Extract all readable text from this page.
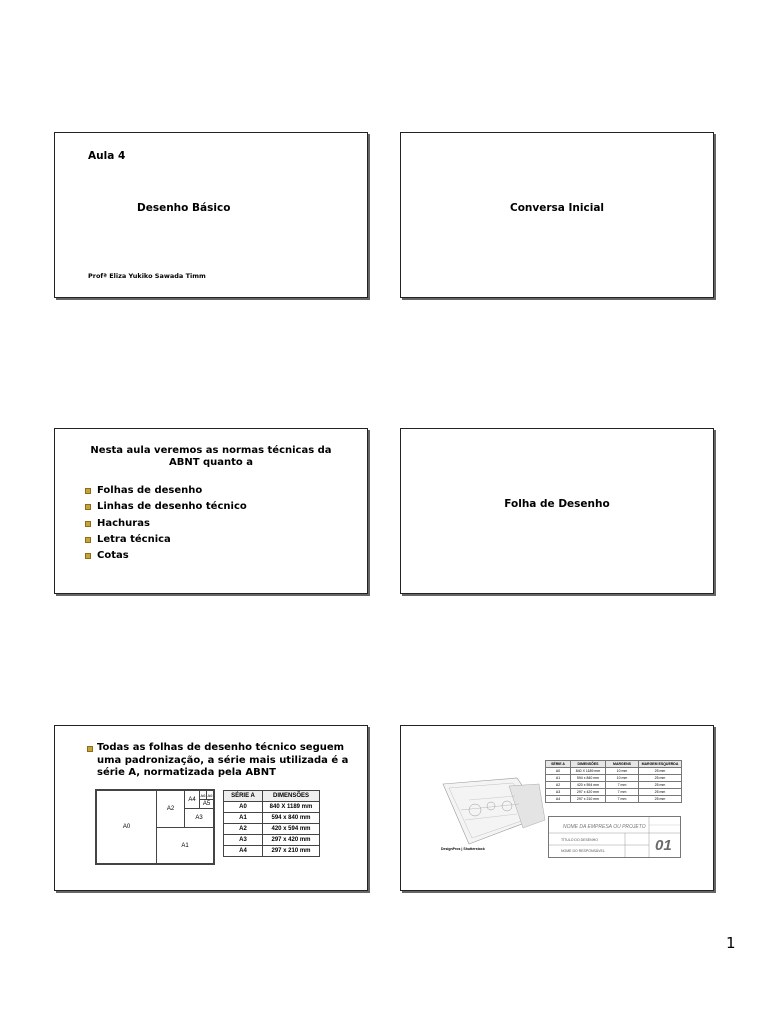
Aula 4
Desenho Básico
Profª Eliza Yukiko Sawada Timm
Conversa Inicial
Nesta aula veremos as normas técnicas da ABNT quanto a
Folhas de desenho
Linhas de desenho técnico
Hachuras
Letra técnica
Cotas
Folha de Desenho
Todas as folhas de desenho técnico seguem uma padronização, a série mais utilizada é a série A, normatizada pela ABNT
A0
A1
A2
A3
A4
A5
A6 A6	SÉRIE A	DIMENSÕES
A0	840 X 1189 mm
A1	594 x 840 mm
A2	420 x 594 mm
A3	297 x 420 mm
A4	297 x 210 mm
SÉRIE A	DIMENSÕES	MARGENS	MARGEM ESQUERDA
A0	840 X 1189 mm	10 mm	25 mm
A1	594 x 840 mm	10 mm	25 mm
A2	420 x 594 mm	7 mm	25 mm
A3	297 x 420 mm	7 mm	25 mm
A4	297 x 210 mm	7 mm	25 mm
DesignPros | Shutterstock
NOME DA EMPRESA OU PROJETO
TÍTULO DO DESENHO
NOME DO RESPONSÁVEL	01
1
